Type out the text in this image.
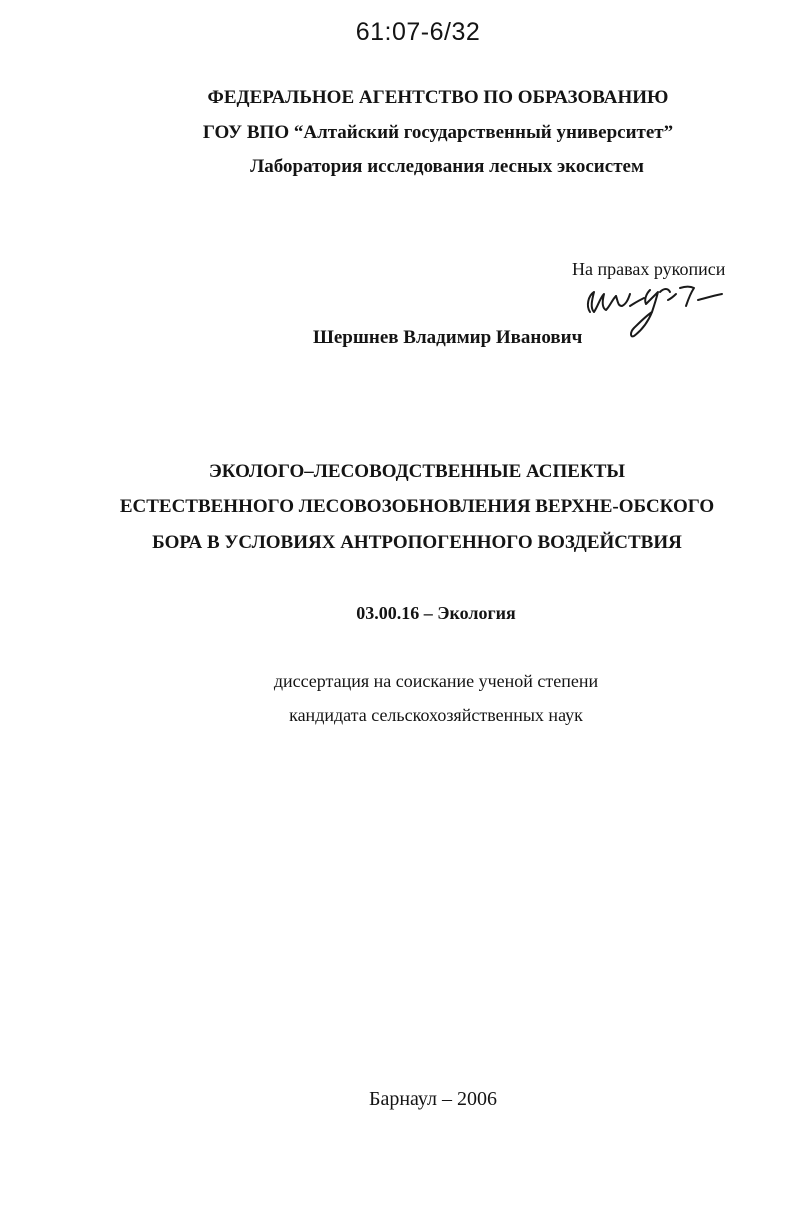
61:07-6/32
ФЕДЕРАЛЬНОЕ АГЕНТСТВО ПО ОБРАЗОВАНИЮ
ГОУ ВПО “Алтайский государственный университет”
Лаборатория исследования лесных экосистем
На правах рукописи
Шершнев Владимир Иванович
ЭКОЛОГО–ЛЕСОВОДСТВЕННЫЕ АСПЕКТЫ
ЕСТЕСТВЕННОГО ЛЕСОВОЗОБНОВЛЕНИЯ ВЕРХНЕ-ОБСКОГО
БОРА В УСЛОВИЯХ АНТРОПОГЕННОГО ВОЗДЕЙСТВИЯ
03.00.16 – Экология
диссертация на соискание ученой степени
кандидата сельскохозяйственных наук
Барнаул – 2006
